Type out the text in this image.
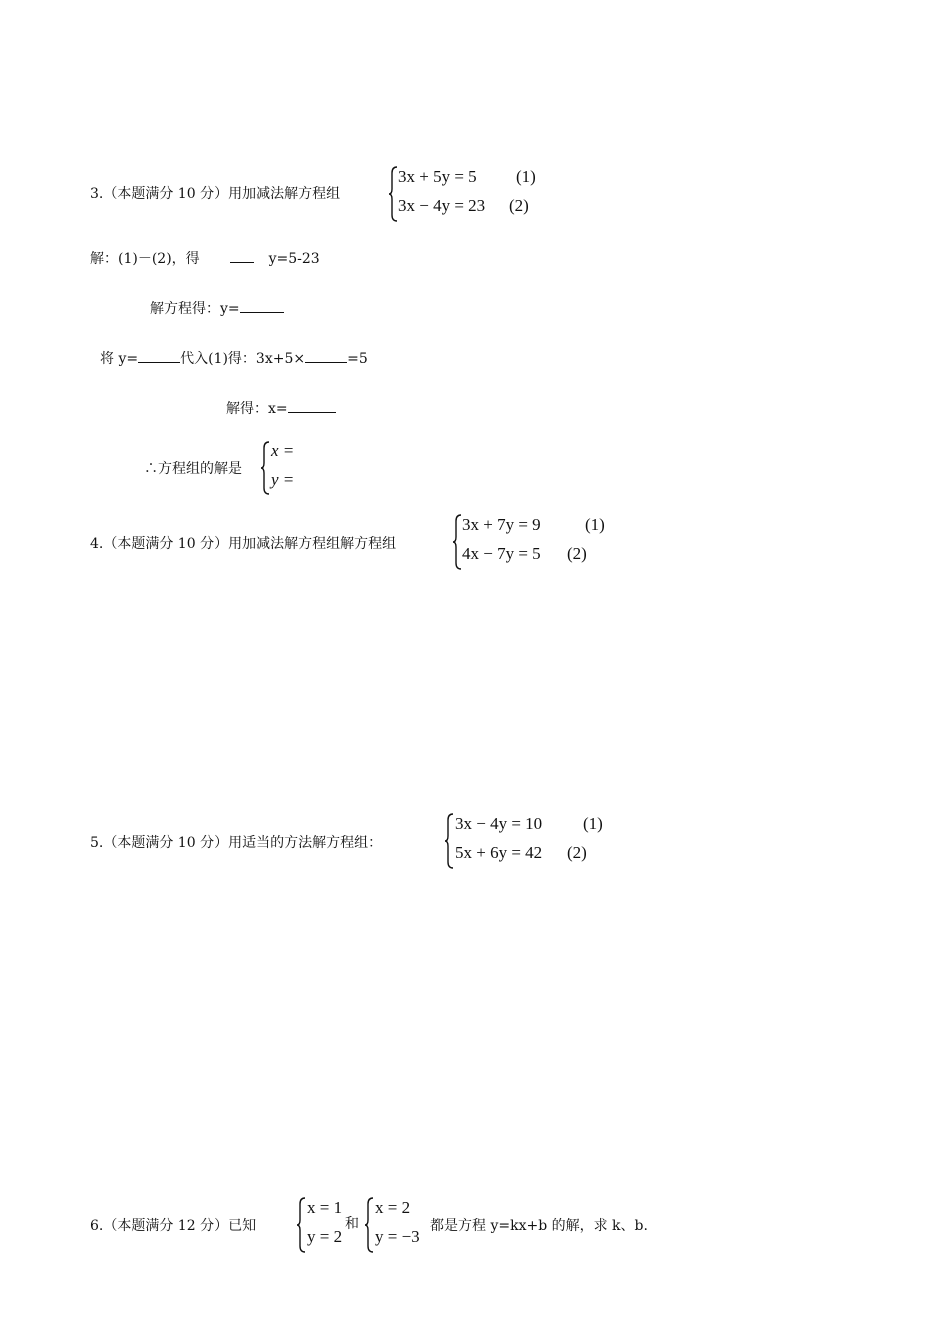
3.（本题满分 10 分）用加减法解方程组
3x + 5y = 5
3x − 4y = 23
(1)
(2)
解：(1)－(2)，得	y=5-23
解方程得：y=
将 y=	代入(1)得：3x+5×	=5
解得：x=
∴方程组的解是
x =
y =
4.（本题满分 10 分）用加减法解方程组解方程组
3x + 7y = 9
4x − 7y = 5
(1)
(2)
5.（本题满分 10 分）用适当的方法解方程组：
3x − 4y = 10
5x + 6y = 42
(1)
(2)
6.（本题满分 12 分）已知
x = 1
y = 2
和
x = 2
y = −3
都是方程 y=kx+b 的解，求 k、b.
